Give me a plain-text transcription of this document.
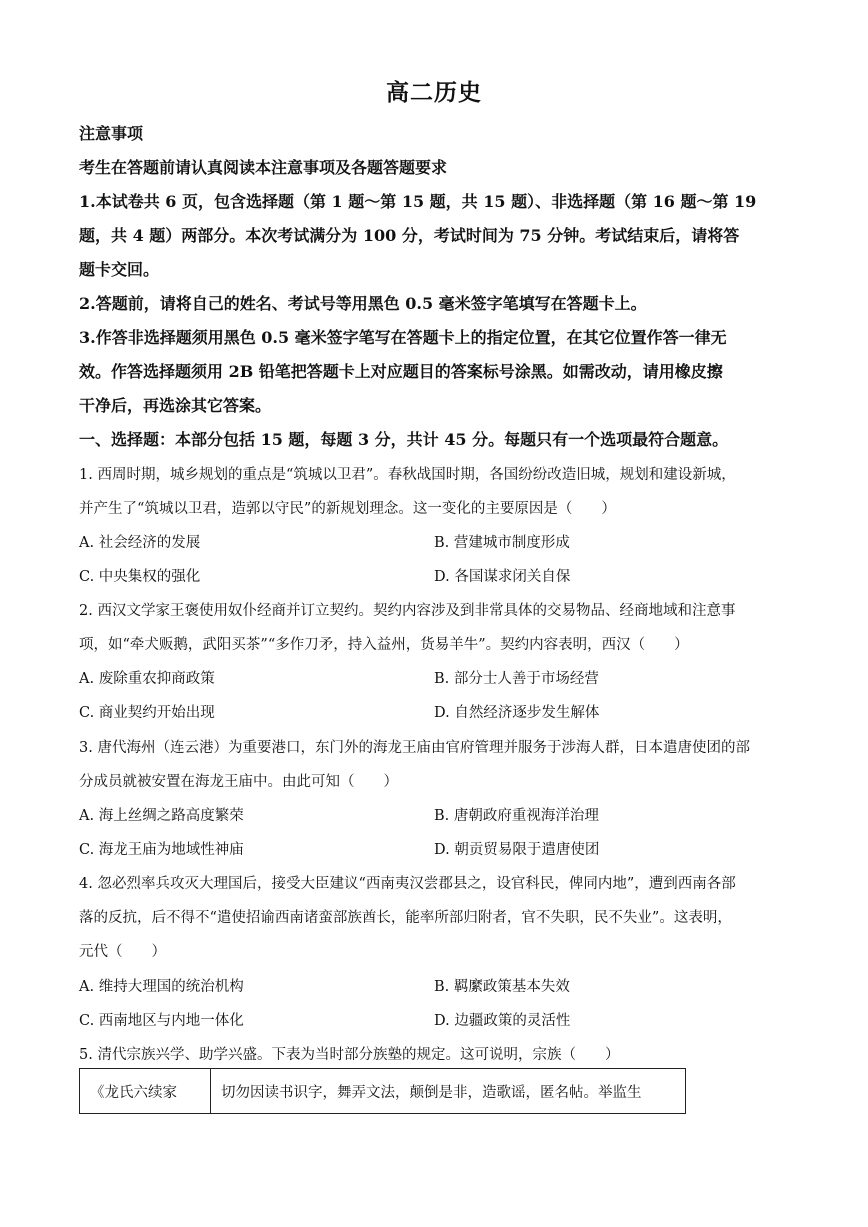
高二历史
注意事项
考生在答题前请认真阅读本注意事项及各题答题要求
1.本试卷共 6 页，包含选择题（第 1 题～第 15 题，共 15 题）、非选择题（第 16 题～第 19
题，共 4 题）两部分。本次考试满分为 100 分，考试时间为 75 分钟。考试结束后，请将答
题卡交回。
2.答题前，请将自己的姓名、考试号等用黑色 0.5 毫米签字笔填写在答题卡上。
3.作答非选择题须用黑色 0.5 毫米签字笔写在答题卡上的指定位置，在其它位置作答一律无
效。作答选择题须用 2B 铅笔把答题卡上对应题目的答案标号涂黑。如需改动，请用橡皮擦
干净后，再选涂其它答案。
一、选择题：本部分包括 15 题，每题 3 分，共计 45 分。每题只有一个选项最符合题意。
1. 西周时期，城乡规划的重点是“筑城以卫君”。春秋战国时期，各国纷纷改造旧城，规划和建设新城，
并产生了“筑城以卫君，造郭以守民”的新规划理念。这一变化的主要原因是（　　）
A. 社会经济的发展	B. 营建城市制度形成
C. 中央集权的强化	D. 各国谋求闭关自保
2. 西汉文学家王褒使用奴仆经商并订立契约。契约内容涉及到非常具体的交易物品、经商地域和注意事
项，如“牵犬贩鹅，武阳买茶”“多作刀矛，持入益州，货易羊牛”。契约内容表明，西汉（　　）
A. 废除重农抑商政策	B. 部分士人善于市场经营
C. 商业契约开始出现	D. 自然经济逐步发生解体
3. 唐代海州（连云港）为重要港口，东门外的海龙王庙由官府管理并服务于涉海人群，日本遣唐使团的部
分成员就被安置在海龙王庙中。由此可知（　　）
A. 海上丝绸之路高度繁荣	B. 唐朝政府重视海洋治理
C. 海龙王庙为地域性神庙	D. 朝贡贸易限于遣唐使团
4. 忽必烈率兵攻灭大理国后，接受大臣建议“西南夷汉尝郡县之，设官科民，俾同内地”，遭到西南各部
落的反抗，后不得不“遣使招谕西南诸蛮部族酋长，能率所部归附者，官不失职，民不失业”。这表明，
元代（　　）
A. 维持大理国的统治机构	B. 羁縻政策基本失效
C. 西南地区与内地一体化	D. 边疆政策的灵活性
5. 清代宗族兴学、助学兴盛。下表为当时部分族塾的规定。这可说明，宗族（　　）
《龙氏六续家	切勿因读书识字，舞弄文法，颠倒是非，造歌谣，匿名帖。举监生
